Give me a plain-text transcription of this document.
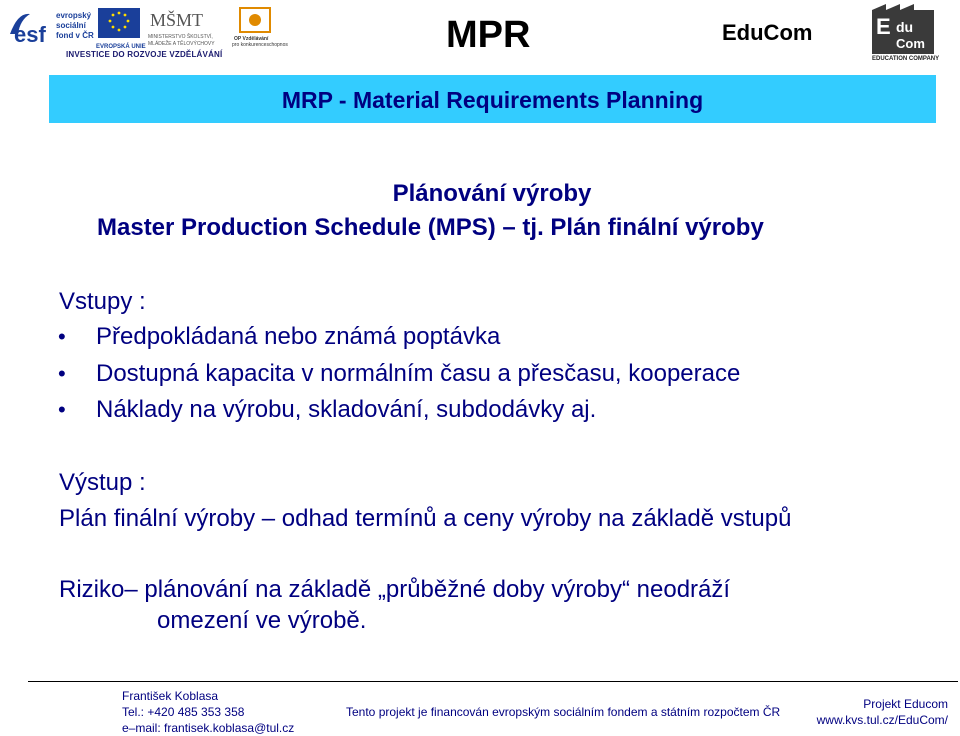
esf
evropský
sociální
fond v ČR
EVROPSKÁ UNIE
MŠMT
MINISTERSTVO ŠKOLSTVÍ,
MLÁDEŽE A TĚLOVÝCHOVY
OP Vzdělávání
pro konkurenceschopnost
INVESTICE DO ROZVOJE VZDĚLÁVÁNÍ	MPR	EduCom	E du
Com
EDUCATION COMPANY
MRP - Material Requirements Planning
Plánování výroby
Master Production Schedule (MPS) – tj. Plán finální výroby
Vstupy :
•	Předpokládaná nebo známá poptávka
•	Dostupná kapacita v normálním času a přesčasu, kooperace
•	Náklady na výrobu, skladování, subdodávky aj.
Výstup :
Plán finální výroby – odhad termínů a ceny výroby na základě vstupů
Riziko– plánování na základě „průběžné doby výroby“ neodráží
omezení ve výrobě.
František Koblasa
Tel.: +420 485 353 358
e–mail: frantisek.koblasa@tul.cz
Tento projekt je financován evropským sociálním fondem a státním rozpočtem ČR
Projekt Educom
www.kvs.tul.cz/EduCom/
